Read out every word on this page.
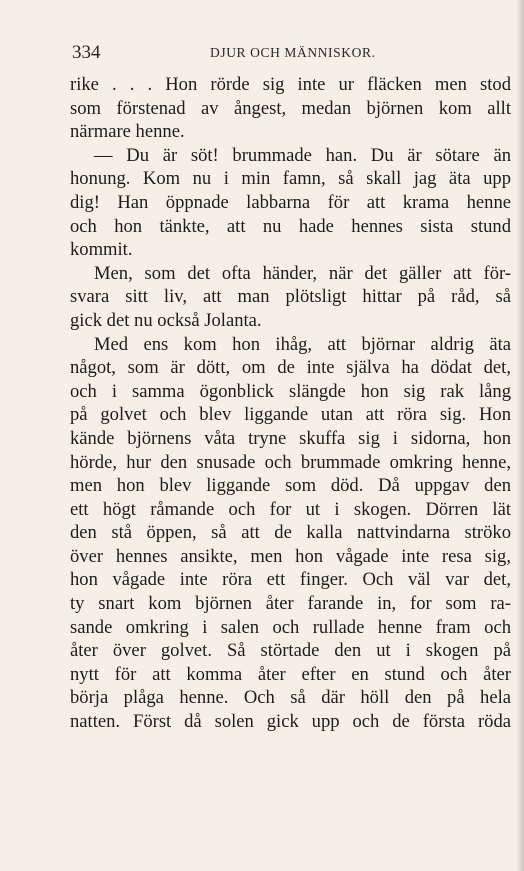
334	DJUR OCH MÄNNISKOR.

rike . . . Hon rörde sig inte ur fläcken men stod
som förstenad av ångest, medan björnen kom allt
närmare henne.

— Du är söt! brummade han. Du är sötare än
honung. Kom nu i min famn, så skall jag äta upp
dig! Han öppnade labbarna för att krama henne
och hon tänkte, att nu hade hennes sista stund
kommit.

Men, som det ofta händer, när det gäller att för-
svara sitt liv, att man plötsligt hittar på råd, så
gick det nu också Jolanta.

Med ens kom hon ihåg, att björnar aldrig äta
något, som är dött, om de inte själva ha dödat det,
och i samma ögonblick slängde hon sig rak lång
på golvet och blev liggande utan att röra sig. Hon
kände björnens våta tryne skuffa sig i sidorna, hon
hörde, hur den snusade och brummade omkring henne,
men hon blev liggande som död. Då uppgav den
ett högt råmande och for ut i skogen. Dörren lät
den stå öppen, så att de kalla nattvindarna strökо
över hennes ansikte, men hon vågade inte resa sig,
hon vågade inte röra ett finger. Och väl var det,
ty snart kom björnen åter farande in, for som ra-
sande omkring i salen och rullade henne fram och
åter över golvet. Så störtade den ut i skogen på
nytt för att komma åter efter en stund och åter
börja plåga henne. Och så där höll den på hela
natten. Först då solen gick upp och de första röda
